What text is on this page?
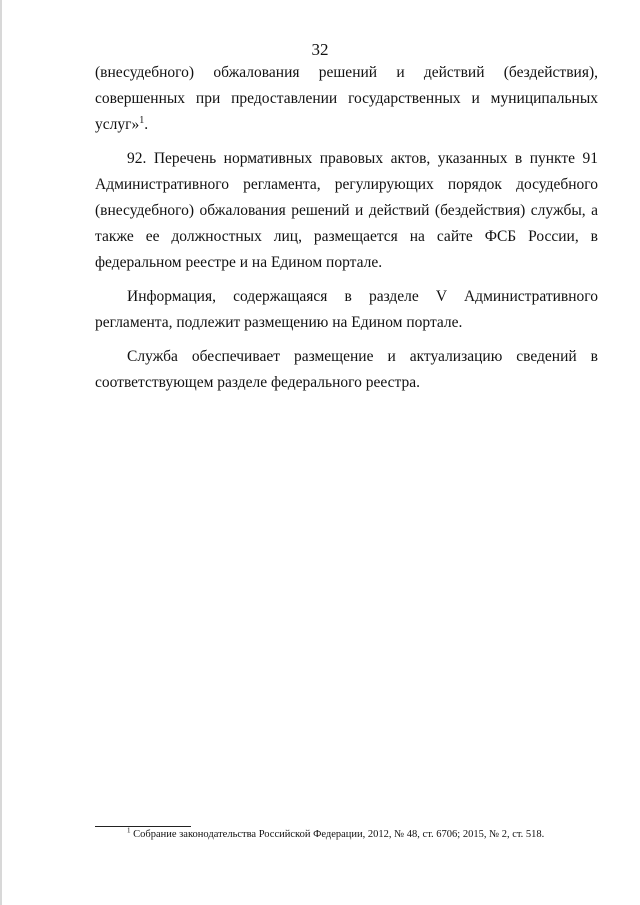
32

(внесудебного) обжалования решений и действий (бездействия), совершенных при предоставлении государственных и муниципальных услуг»$^1$.

92. Перечень нормативных правовых актов, указанных в пункте 91 Административного регламента, регулирующих порядок досудебного (внесудебного) обжалования решений и действий (бездействия) службы, а также ее должностных лиц, размещается на сайте ФСБ России, в федеральном реестре и на Едином портале.

Информация, содержащаяся в разделе V Административного регламента, подлежит размещению на Едином портале.

Служба обеспечивает размещение и актуализацию сведений в соответствующем разделе федерального реестра.

$^1$ Собрание законодательства Российской Федерации, 2012, № 48, ст. 6706; 2015, № 2, ст. 518.
